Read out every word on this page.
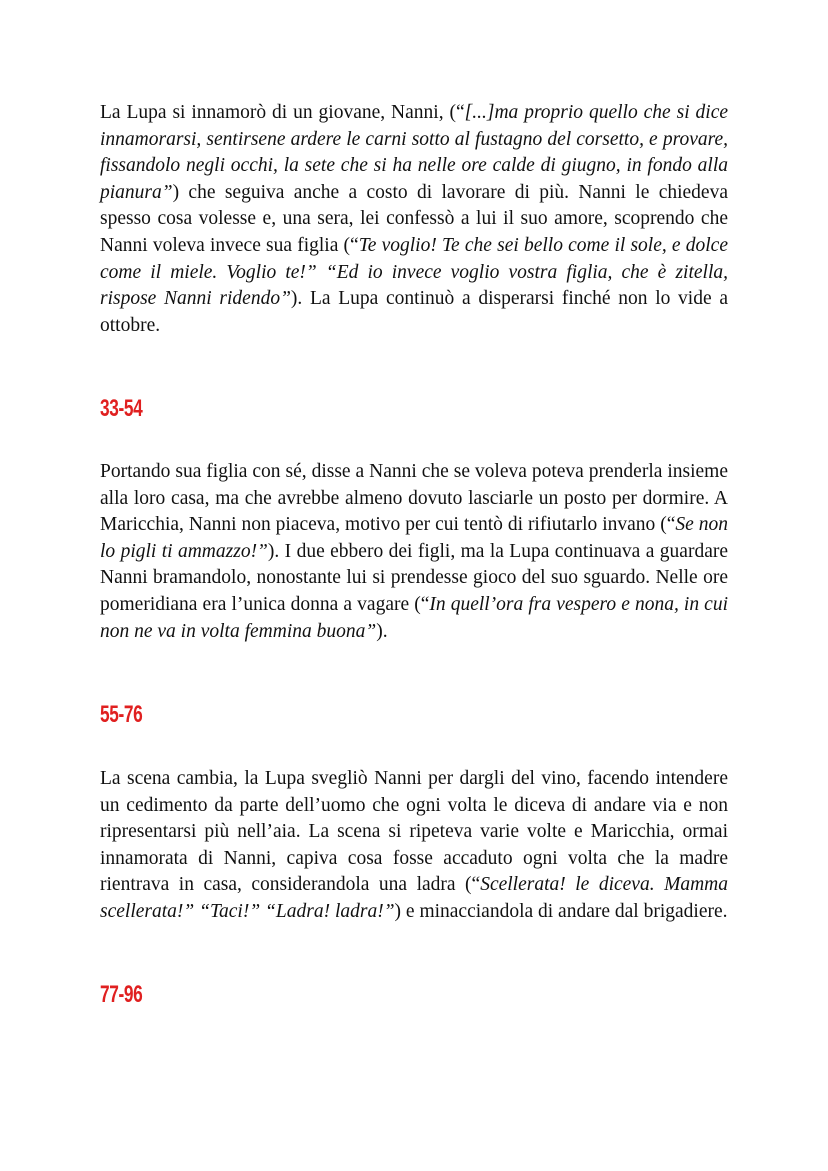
La Lupa si innamorò di un giovane, Nanni, (“[...]ma proprio quello che si dice innamorarsi, sentirsene ardere le carni sotto al fustagno del corsetto, e provare, fissandolo negli occhi, la sete che si ha nelle ore calde di giugno, in fondo alla pianura”) che seguiva anche a costo di lavorare di più. Nanni le chiedeva spesso cosa volesse e, una sera, lei confessò a lui il suo amore, scoprendo che Nanni voleva invece sua figlia (“Te voglio! Te che sei bello come il sole, e dolce come il miele. Voglio te!” “Ed io invece voglio vostra figlia, che è zitella, rispose Nanni ridendo”). La Lupa continuò a disperarsi finché non lo vide a ottobre.

33-54

Portando sua figlia con sé, disse a Nanni che se voleva poteva prenderla insieme alla loro casa, ma che avrebbe almeno dovuto lasciarle un posto per dormire. A Maricchia, Nanni non piaceva, motivo per cui tentò di rifiutarlo invano (“Se non lo pigli ti ammazzo!”). I due ebbero dei figli, ma la Lupa continuava a guardare Nanni bramandolo, nonostante lui si prendesse gioco del suo sguardo. Nelle ore pomeridiana era l’unica donna a vagare (“In quell’ora fra vespero e nona, in cui non ne va in volta femmina buona”).

55-76

La scena cambia, la Lupa svegliò Nanni per dargli del vino, facendo intendere un cedimento da parte dell’uomo che ogni volta le diceva di andare via e non ripresentarsi più nell’aia. La scena si ripeteva varie volte e Maricchia, ormai innamorata di Nanni, capiva cosa fosse accaduto ogni volta che la madre rientrava in casa, considerandola una ladra (“Scellerata! le diceva. Mamma scellerata!” “Taci!” “Ladra! ladra!”) e minacciandola di andare dal brigadiere.

77-96
